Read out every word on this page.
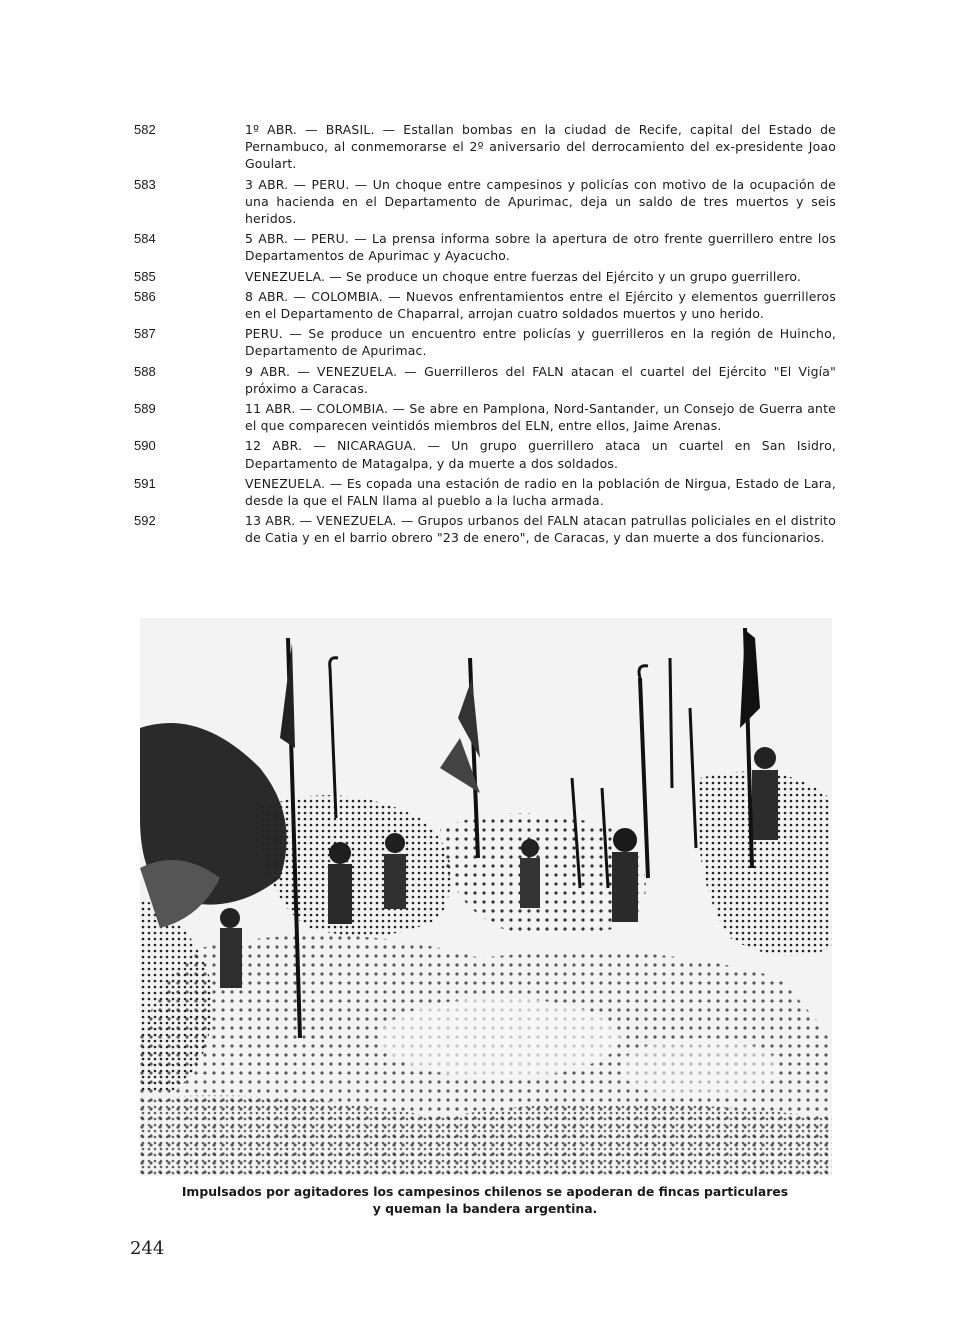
582	1º ABR. — BRASIL. — Estallan bombas en la ciudad de Recife, capital del Estado de Pernambuco, al conmemorarse el 2º aniversario del derrocamiento del ex-presidente Joao Goulart.
583	3 ABR. — PERU. — Un choque entre campesinos y policías con motivo de la ocupación de una hacienda en el Departamento de Apurimac, deja un saldo de tres muertos y seis heridos.
584	5 ABR. — PERU. — La prensa informa sobre la apertura de otro frente guerrillero entre los Departamentos de Apurimac y Ayacucho.
585	VENEZUELA. — Se produce un choque entre fuerzas del Ejército y un grupo guerrillero.
586	8 ABR. — COLOMBIA. — Nuevos enfrentamientos entre el Ejército y elementos guerrilleros en el Departamento de Chaparral, arrojan cuatro soldados muertos y uno herido.
587	PERU. — Se produce un encuentro entre policías y guerrilleros en la región de Huincho, Departamento de Apurimac.
588	9 ABR. — VENEZUELA. — Guerrilleros del FALN atacan el cuartel del Ejército "El Vigía" próximo a Caracas.
589	11 ABR. — COLOMBIA. — Se abre en Pamplona, Nord-Santander, un Consejo de Guerra ante el que comparecen veintidós miembros del ELN, entre ellos, Jaime Arenas.
590	12 ABR. — NICARAGUA. — Un grupo guerrillero ataca un cuartel en San Isidro, Departamento de Matagalpa, y da muerte a dos soldados.
591	VENEZUELA. — Es copada una estación de radio en la población de Nirgua, Estado de Lara, desde la que el FALN llama al pueblo a la lucha armada.
592	13 ABR. — VENEZUELA. — Grupos urbanos del FALN atacan patrullas policiales en el distrito de Catia y en el barrio obrero "23 de enero", de Caracas, y dan muerte a dos funcionarios.
Impulsados por agitadores los campesinos chilenos se apoderan de fincas particulares y queman la bandera argentina.
244
